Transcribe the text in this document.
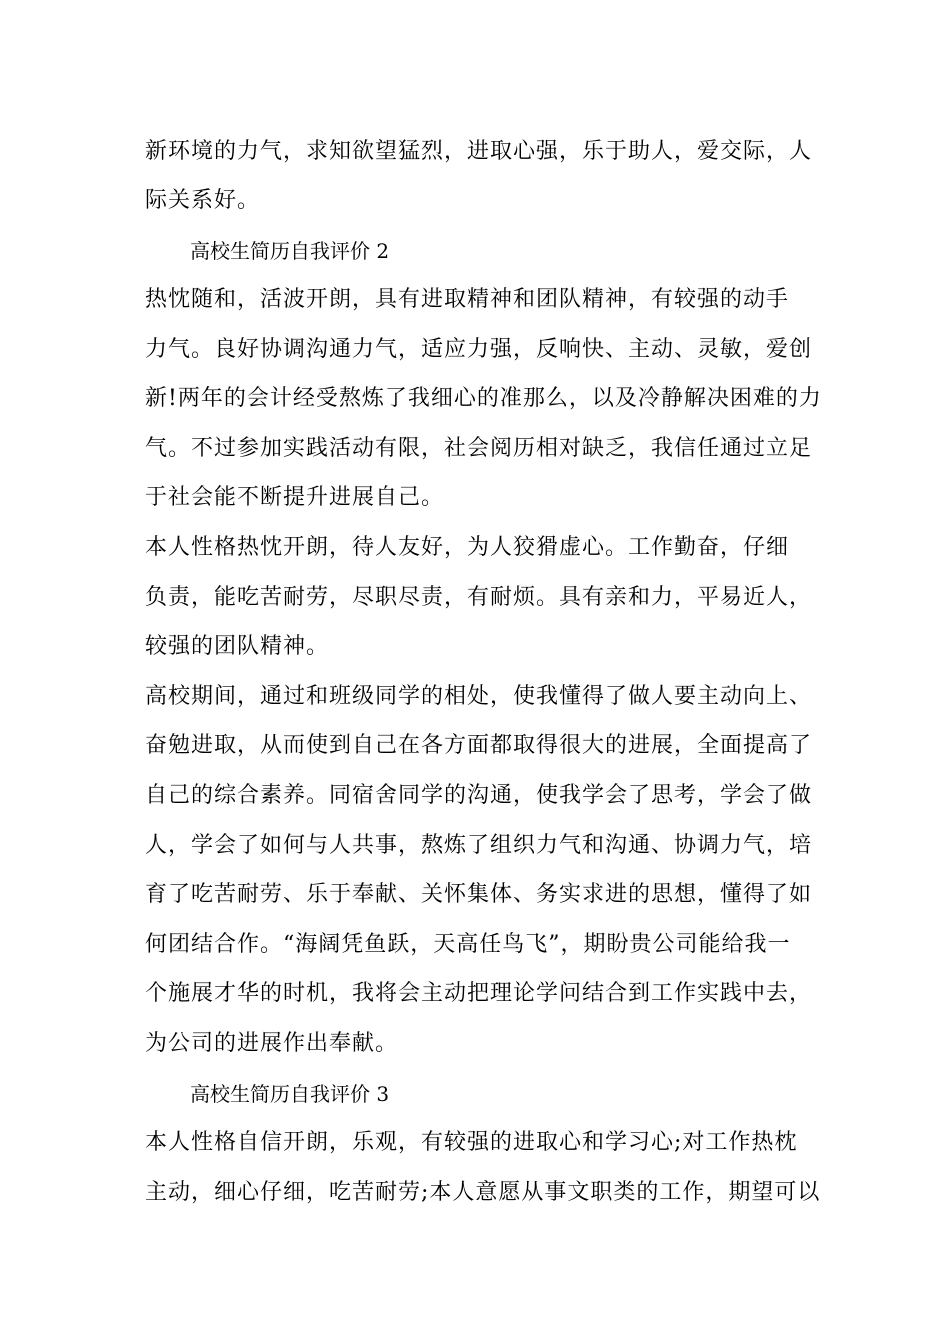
新环境的力气，求知欲望猛烈，进取心强，乐于助人，爱交际，人
际关系好。
高校生简历自我评价 2
热忱随和，活波开朗，具有进取精神和团队精神，有较强的动手
力气。良好协调沟通力气，适应力强，反响快、主动、灵敏，爱创
新!两年的会计经受熬炼了我细心的准那么，以及冷静解决困难的力
气。不过参加实践活动有限，社会阅历相对缺乏，我信任通过立足
于社会能不断提升进展自己。
本人性格热忱开朗，待人友好，为人狡猾虚心。工作勤奋，仔细
负责，能吃苦耐劳，尽职尽责，有耐烦。具有亲和力，平易近人，
较强的团队精神。
高校期间，通过和班级同学的相处，使我懂得了做人要主动向上、
奋勉进取，从而使到自己在各方面都取得很大的进展，全面提高了
自己的综合素养。同宿舍同学的沟通，使我学会了思考，学会了做
人，学会了如何与人共事，熬炼了组织力气和沟通、协调力气，培
育了吃苦耐劳、乐于奉献、关怀集体、务实求进的思想，懂得了如
何团结合作。“海阔凭鱼跃，天高任鸟飞”，期盼贵公司能给我一
个施展才华的时机，我将会主动把理论学问结合到工作实践中去，
为公司的进展作出奉献。
高校生简历自我评价 3
本人性格自信开朗，乐观，有较强的进取心和学习心;对工作热枕
主动，细心仔细，吃苦耐劳;本人意愿从事文职类的工作，期望可以
